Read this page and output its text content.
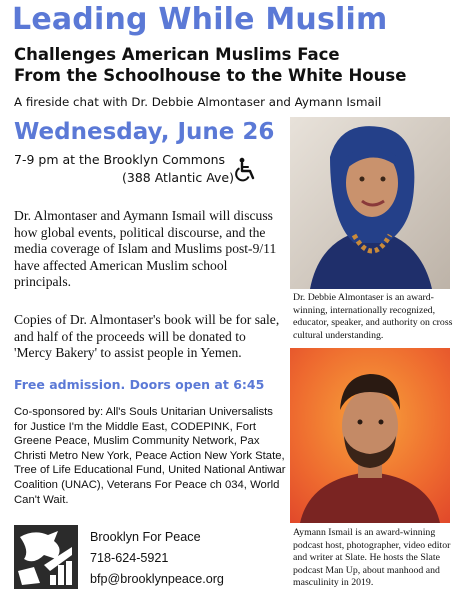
Leading While Muslim
Challenges American Muslims Face
From the Schoolhouse to the White House
A fireside chat with Dr. Debbie Almontaser and Aymann Ismail
Wednesday, June 26
7-9 pm at the Brooklyn Commons
(388 Atlantic Ave)
Dr. Almontaser and Aymann Ismail will discuss how global events, political discourse, and the media coverage of Islam and Muslims post-9/11 have affected American Muslim school principals.
Copies of Dr. Almontaser's book will be for sale, and half of the proceeds will be donated to 'Mercy Bakery' to assist people in Yemen.
Free admission. Doors open at 6:45
Co-sponsored by: All's Souls Unitarian Universalists for Justice I'm the Middle East, CODEPINK, Fort Greene Peace, Muslim Community Network, Pax Christi Metro New York, Peace Action New York State, Tree of Life Educational Fund, United National Antiwar Coalition (UNAC), Veterans For Peace ch 034, World Can't Wait.
Brooklyn For Peace
718-624-5921
bfp@brooklynpeace.org
Dr. Debbie Almontaser is an award-winning, internationally recognized, educator, speaker, and authority on cross cultural understanding.
Aymann Ismail is an award-winning podcast host, photographer, video editor and writer at Slate. He hosts the Slate podcast Man Up, about manhood and masculinity in 2019.
